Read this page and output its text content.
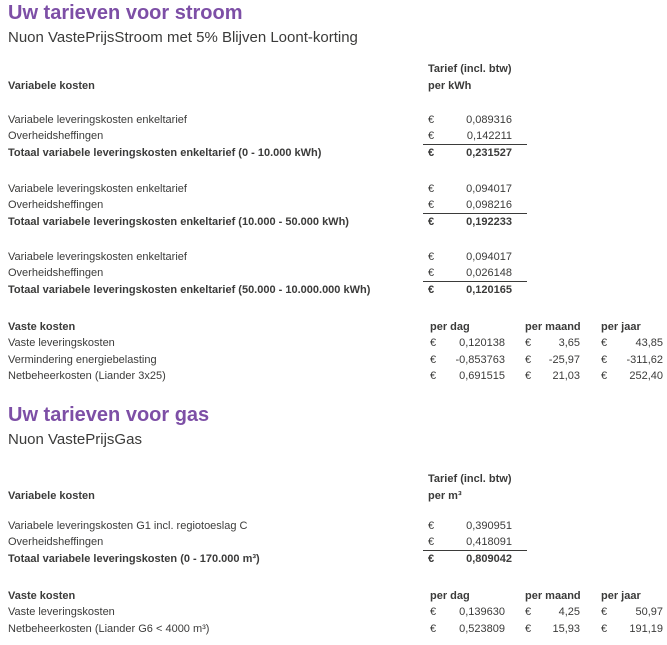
Uw tarieven voor stroom
Nuon VastePrijsStroom met 5% Blijven Loont-korting
Tarief (incl. btw)
Variabele kosten	per kWh
Variabele leveringskosten enkeltarief	€	0,089316
Overheidsheffingen	€	0,142211
Totaal variabele leveringskosten enkeltarief (0 - 10.000 kWh)	€	0,231527
Variabele leveringskosten enkeltarief	€	0,094017
Overheidsheffingen	€	0,098216
Totaal variabele leveringskosten enkeltarief (10.000 - 50.000 kWh)	€	0,192233
Variabele leveringskosten enkeltarief	€	0,094017
Overheidsheffingen	€	0,026148
Totaal variabele leveringskosten enkeltarief (50.000 - 10.000.000 kWh)	€	0,120165
Vaste kosten	per dag	per maand per jaar
Vaste leveringskosten	€	0,120138 €	3,65 €	43,85
Vermindering energiebelasting	€	-0,853763 €	-25,97 €	-311,62
Netbeheerkosten (Liander 3x25)	€	0,691515 €	21,03 €	252,40
Uw tarieven voor gas
Nuon VastePrijsGas
Tarief (incl. btw)
Variabele kosten	per m³
Variabele leveringskosten G1 incl. regiotoeslag C	€	0,390951
Overheidsheffingen	€	0,418091
Totaal variabele leveringskosten (0 - 170.000 m³)	€	0,809042
Vaste kosten	per dag	per maand per jaar
Vaste leveringskosten	€	0,139630 €	4,25 €	50,97
Netbeheerkosten (Liander G6 < 4000 m³)	€	0,523809 €	15,93 €	191,19
